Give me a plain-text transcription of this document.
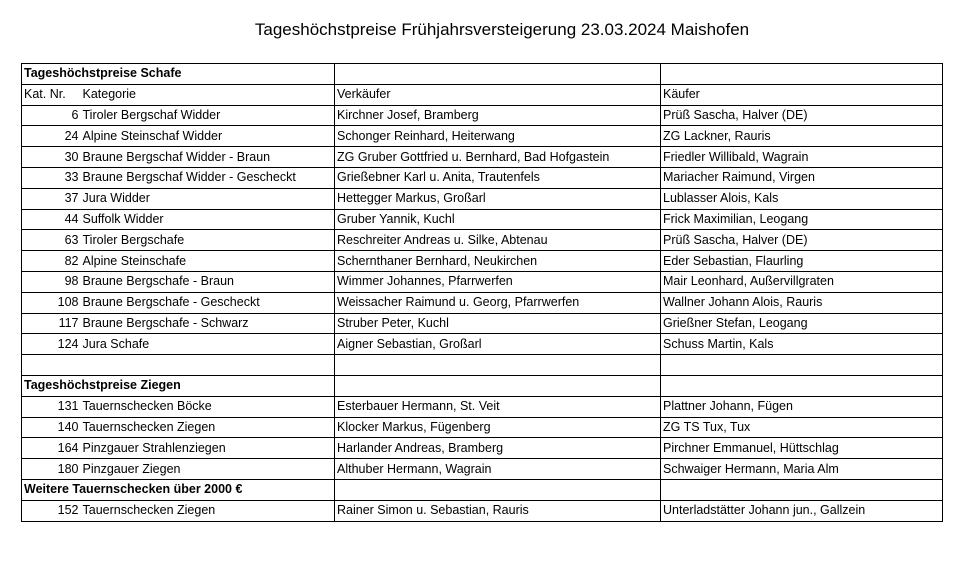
Tageshöchstpreise Frühjahrsversteigerung 23.03.2024 Maishofen
Tageshöchstpreise Schafe			
Kat. Nr.	Kategorie	Verkäufer	Käufer
6	Tiroler Bergschaf Widder	Kirchner Josef, Bramberg	Prüß Sascha, Halver (DE)
24	Alpine Steinschaf Widder	Schonger Reinhard, Heiterwang	ZG Lackner, Rauris
30	Braune Bergschaf Widder - Braun	ZG Gruber Gottfried u. Bernhard, Bad Hofgastein	Friedler Willibald, Wagrain
33	Braune Bergschaf Widder - Gescheckt	Grießebner Karl u. Anita, Trautenfels	Mariacher Raimund, Virgen
37	Jura Widder	Hettegger Markus, Großarl	Lublasser Alois, Kals
44	Suffolk Widder	Gruber Yannik, Kuchl	Frick Maximilian, Leogang
63	Tiroler Bergschafe	Reschreiter Andreas u. Silke, Abtenau	Prüß Sascha, Halver (DE)
82	Alpine Steinschafe	Schernthaner Bernhard, Neukirchen	Eder Sebastian, Flaurling
98	Braune Bergschafe - Braun	Wimmer Johannes, Pfarrwerfen	Mair Leonhard, Außervillgraten
108	Braune Bergschafe - Gescheckt	Weissacher Raimund u. Georg, Pfarrwerfen	Wallner Johann Alois, Rauris
117	Braune Bergschafe - Schwarz	Struber Peter, Kuchl	Grießner Stefan, Leogang
124	Jura Schafe	Aigner Sebastian, Großarl	Schuss Martin, Kals

Tageshöchstpreise Ziegen			
131	Tauernschecken Böcke	Esterbauer Hermann, St. Veit	Plattner Johann, Fügen
140	Tauernschecken Ziegen	Klocker Markus, Fügenberg	ZG TS Tux, Tux
164	Pinzgauer Strahlenziegen	Harlander Andreas, Bramberg	Pirchner Emmanuel, Hüttschlag
180	Pinzgauer Ziegen	Althuber Hermann, Wagrain	Schwaiger Hermann, Maria Alm
Weitere Tauernschecken über 2000 €			
152	Tauernschecken Ziegen	Rainer Simon u. Sebastian, Rauris	Unterladstätter Johann jun., Gallzein
